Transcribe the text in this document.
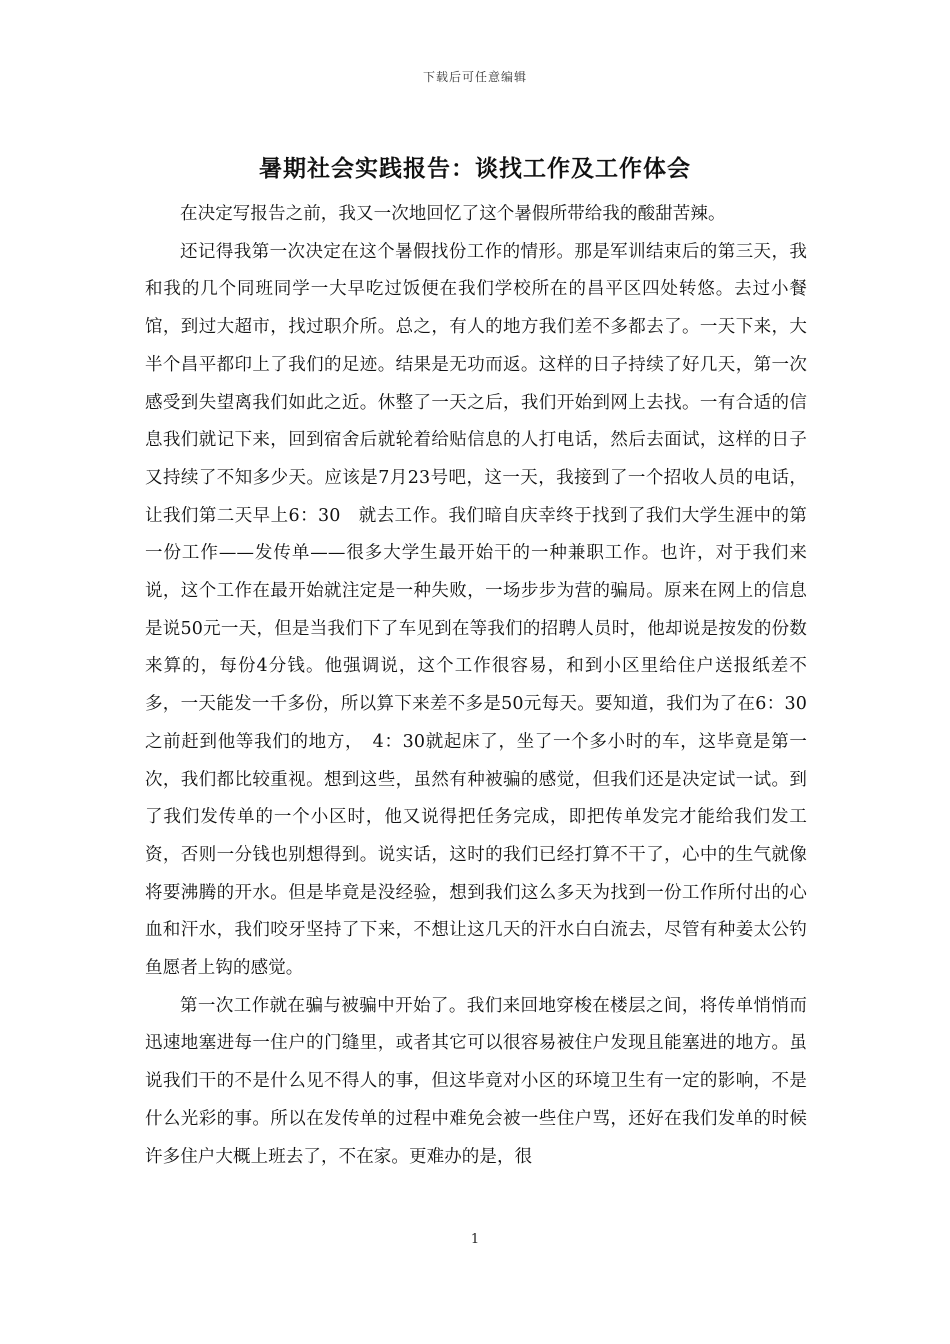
下载后可任意编辑
暑期社会实践报告：谈找工作及工作体会

在决定写报告之前，我又一次地回忆了这个暑假所带给我的酸甜苦辣。

还记得我第一次决定在这个暑假找份工作的情形。那是军训结束后的第三天，我和我的几个同班同学一大早吃过饭便在我们学校所在的昌平区四处转悠。去过小餐馆，到过大超市，找过职介所。总之，有人的地方我们差不多都去了。一天下来，大半个昌平都印上了我们的足迹。结果是无功而返。这样的日子持续了好几天，第一次感受到失望离我们如此之近。休整了一天之后，我们开始到网上去找。一有合适的信息我们就记下来，回到宿舍后就轮着给贴信息的人打电话，然后去面试，这样的日子又持续了不知多少天。应该是7月23号吧，这一天，我接到了一个招收人员的电话，让我们第二天早上6：30　就去工作。我们暗自庆幸终于找到了我们大学生涯中的第一份工作——发传单——很多大学生最开始干的一种兼职工作。也许，对于我们来说，这个工作在最开始就注定是一种失败，一场步步为营的骗局。原来在网上的信息是说50元一天，但是当我们下了车见到在等我们的招聘人员时，他却说是按发的份数来算的，每份4分钱。他强调说，这个工作很容易，和到小区里给住户送报纸差不多，一天能发一千多份，所以算下来差不多是50元每天。要知道，我们为了在6：30之前赶到他等我们的地方，　4：30就起床了，坐了一个多小时的车，这毕竟是第一次，我们都比较重视。想到这些，虽然有种被骗的感觉，但我们还是决定试一试。到了我们发传单的一个小区时，他又说得把任务完成，即把传单发完才能给我们发工资，否则一分钱也别想得到。说实话，这时的我们已经打算不干了，心中的生气就像将要沸腾的开水。但是毕竟是没经验，想到我们这么多天为找到一份工作所付出的心血和汗水，我们咬牙坚持了下来，不想让这几天的汗水白白流去，尽管有种姜太公钓鱼愿者上钩的感觉。

第一次工作就在骗与被骗中开始了。我们来回地穿梭在楼层之间，将传单悄悄而迅速地塞进每一住户的门缝里，或者其它可以很容易被住户发现且能塞进的地方。虽说我们干的不是什么见不得人的事，但这毕竟对小区的环境卫生有一定的影响，不是什么光彩的事。所以在发传单的过程中难免会被一些住户骂，还好在我们发单的时候许多住户大概上班去了，不在家。更难办的是，很

1
